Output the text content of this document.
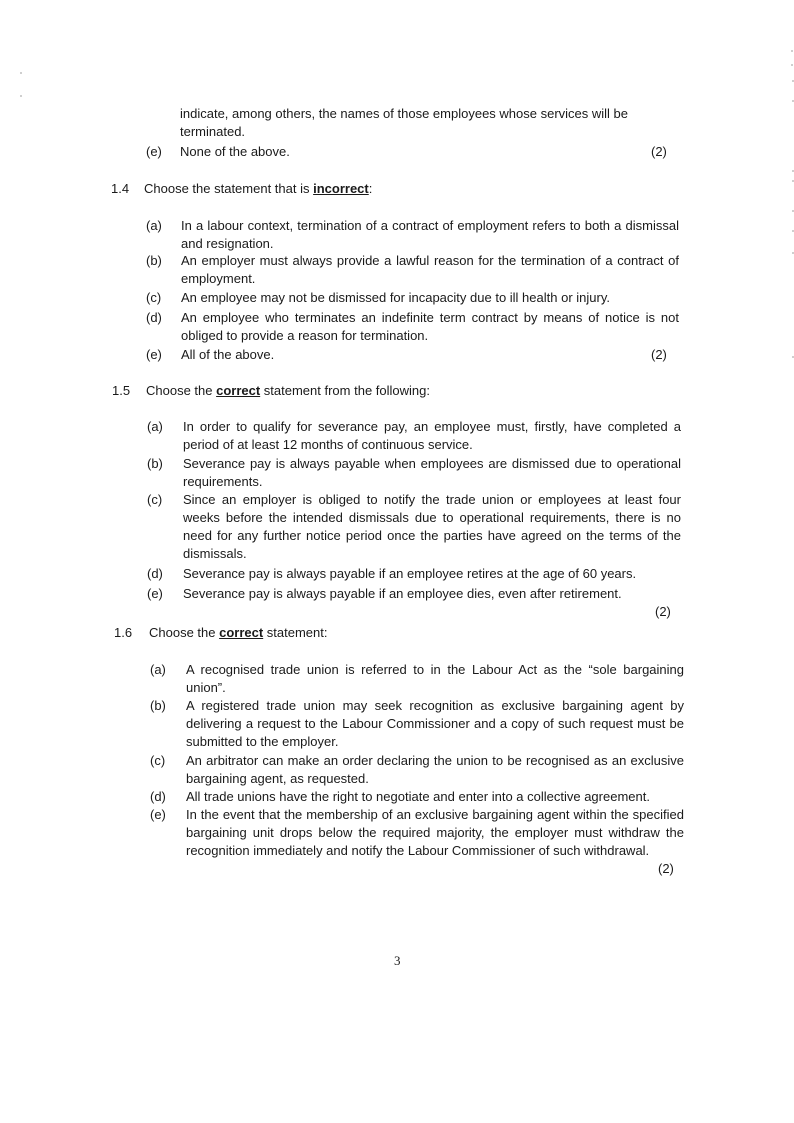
indicate, among others, the names of those employees whose services will be
terminated.
(e) None of the above.	(2)
1.4 Choose the statement that is incorrect:
(a) In a labour context, termination of a contract of employment refers to both a dismissal and resignation.
(b) An employer must always provide a lawful reason for the termination of a contract of employment.
(c) An employee may not be dismissed for incapacity due to ill health or injury.
(d) An employee who terminates an indefinite term contract by means of notice is not obliged to provide a reason for termination.
(e) All of the above.	(2)
1.5 Choose the correct statement from the following:
(a) In order to qualify for severance pay, an employee must, firstly, have completed a period of at least 12 months of continuous service.
(b) Severance pay is always payable when employees are dismissed due to operational requirements.
(c) Since an employer is obliged to notify the trade union or employees at least four weeks before the intended dismissals due to operational requirements, there is no need for any further notice period once the parties have agreed on the terms of the dismissals.
(d) Severance pay is always payable if an employee retires at the age of 60 years.
(e) Severance pay is always payable if an employee dies, even after retirement.
(2)
1.6 Choose the correct statement:
(a) A recognised trade union is referred to in the Labour Act as the “sole bargaining union”.
(b) A registered trade union may seek recognition as exclusive bargaining agent by delivering a request to the Labour Commissioner and a copy of such request must be submitted to the employer.
(c) An arbitrator can make an order declaring the union to be recognised as an exclusive bargaining agent, as requested.
(d) All trade unions have the right to negotiate and enter into a collective agreement.
(e) In the event that the membership of an exclusive bargaining agent within the specified bargaining unit drops below the required majority, the employer must withdraw the recognition immediately and notify the Labour Commissioner of such withdrawal.
(2)
3
